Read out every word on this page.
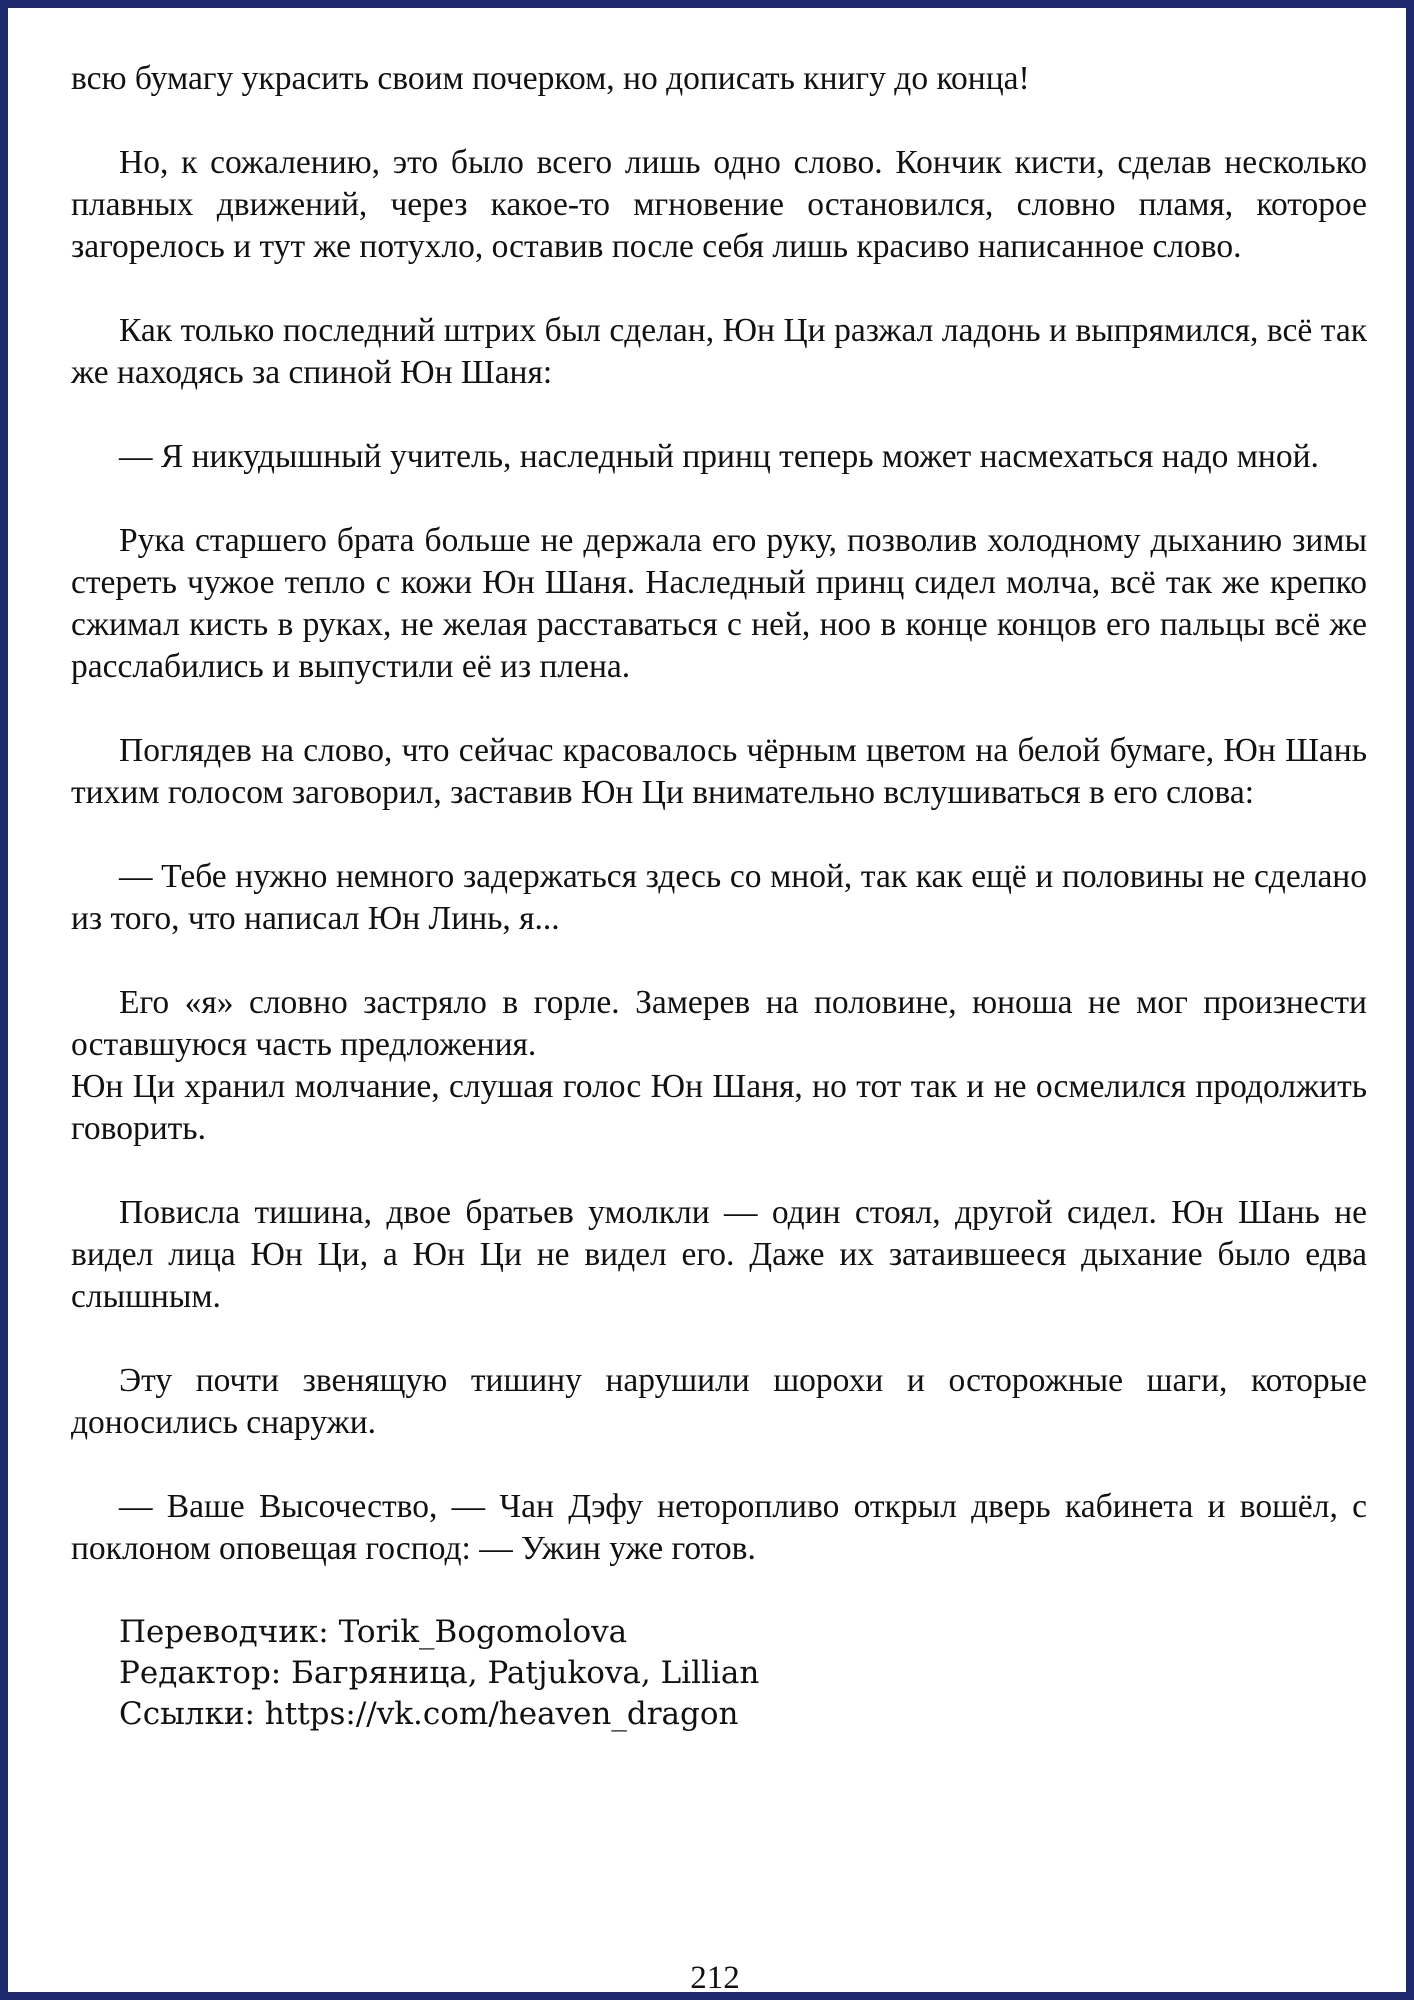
всю бумагу украсить своим почерком, но дописать книгу до конца!

Но, к сожалению, это было всего лишь одно слово. Кончик кисти, сделав несколько плавных движений, через какое-то мгновение остановился, словно пламя, которое загорелось и тут же потухло, оставив после себя лишь красиво написанное слово.

Как только последний штрих был сделан, Юн Ци разжал ладонь и выпрямился, всё так же находясь за спиной Юн Шаня:

— Я никудышный учитель, наследный принц теперь может насмехаться надо мной.

Рука старшего брата больше не держала его руку, позволив холодному дыханию зимы стереть чужое тепло с кожи Юн Шаня. Наследный принц сидел молча, всё так же крепко сжимал кисть в руках, не желая расставаться с ней, ноо в конце концов его пальцы всё же расслабились и выпустили её из плена.

Поглядев на слово, что сейчас красовалось чёрным цветом на белой бумаге, Юн Шань тихим голосом заговорил, заставив Юн Ци внимательно вслушиваться в его слова:

— Тебе нужно немного задержаться здесь со мной, так как ещё и половины не сделано из того, что написал Юн Линь, я...

Его «я» словно застряло в горле. Замерев на половине, юноша не мог произнести оставшуюся часть предложения.
Юн Ци хранил молчание, слушая голос Юн Шаня, но тот так и не осмелился продолжить говорить.

Повисла тишина, двое братьев умолкли — один стоял, другой сидел. Юн Шань не видел лица Юн Ци, а Юн Ци не видел его. Даже их затаившееся дыхание было едва слышным.

Эту почти звенящую тишину нарушили шорохи и осторожные шаги, которые доносились снаружи.

— Ваше Высочество, — Чан Дэфу неторопливо открыл дверь кабинета и вошёл, с поклоном оповещая господ: — Ужин уже готов.

Переводчик: Torik_Bogomolova
Редактор: Багряница, Patjukova, Lillian
Ссылки: https://vk.com/heaven_dragon
212
